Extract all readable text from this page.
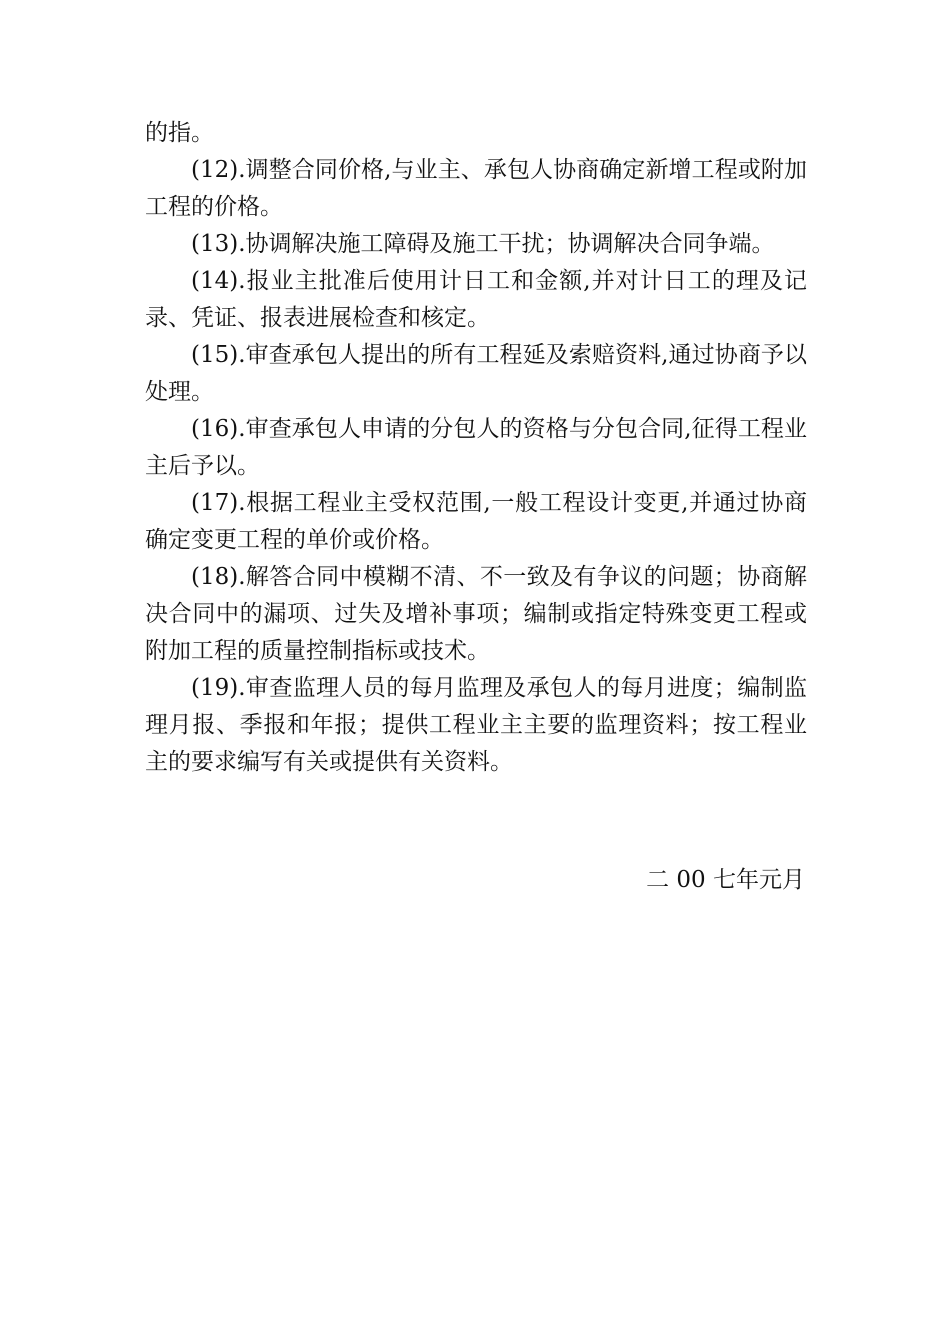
的指。

(12).调整合同价格,与业主、承包人协商确定新增工程或附加工程的价格。

(13).协调解决施工障碍及施工干扰；协调解决合同争端。

(14).报业主批准后使用计日工和金额,并对计日工的理及记录、凭证、报表进展检查和核定。

(15).审查承包人提出的所有工程延及索赔资料,通过协商予以处理。

(16).审查承包人申请的分包人的资格与分包合同,征得工程业主后予以。

(17).根据工程业主受权范围,一般工程设计变更,并通过协商确定变更工程的单价或价格。

(18).解答合同中模糊不清、不一致及有争议的问题；协商解决合同中的漏项、过失及增补事项；编制或指定特殊变更工程或附加工程的质量控制指标或技术。

(19).审查监理人员的每月监理及承包人的每月进度；编制监理月报、季报和年报；提供工程业主主要的监理资料；按工程业主的要求编写有关或提供有关资料。

二 00 七年元月
